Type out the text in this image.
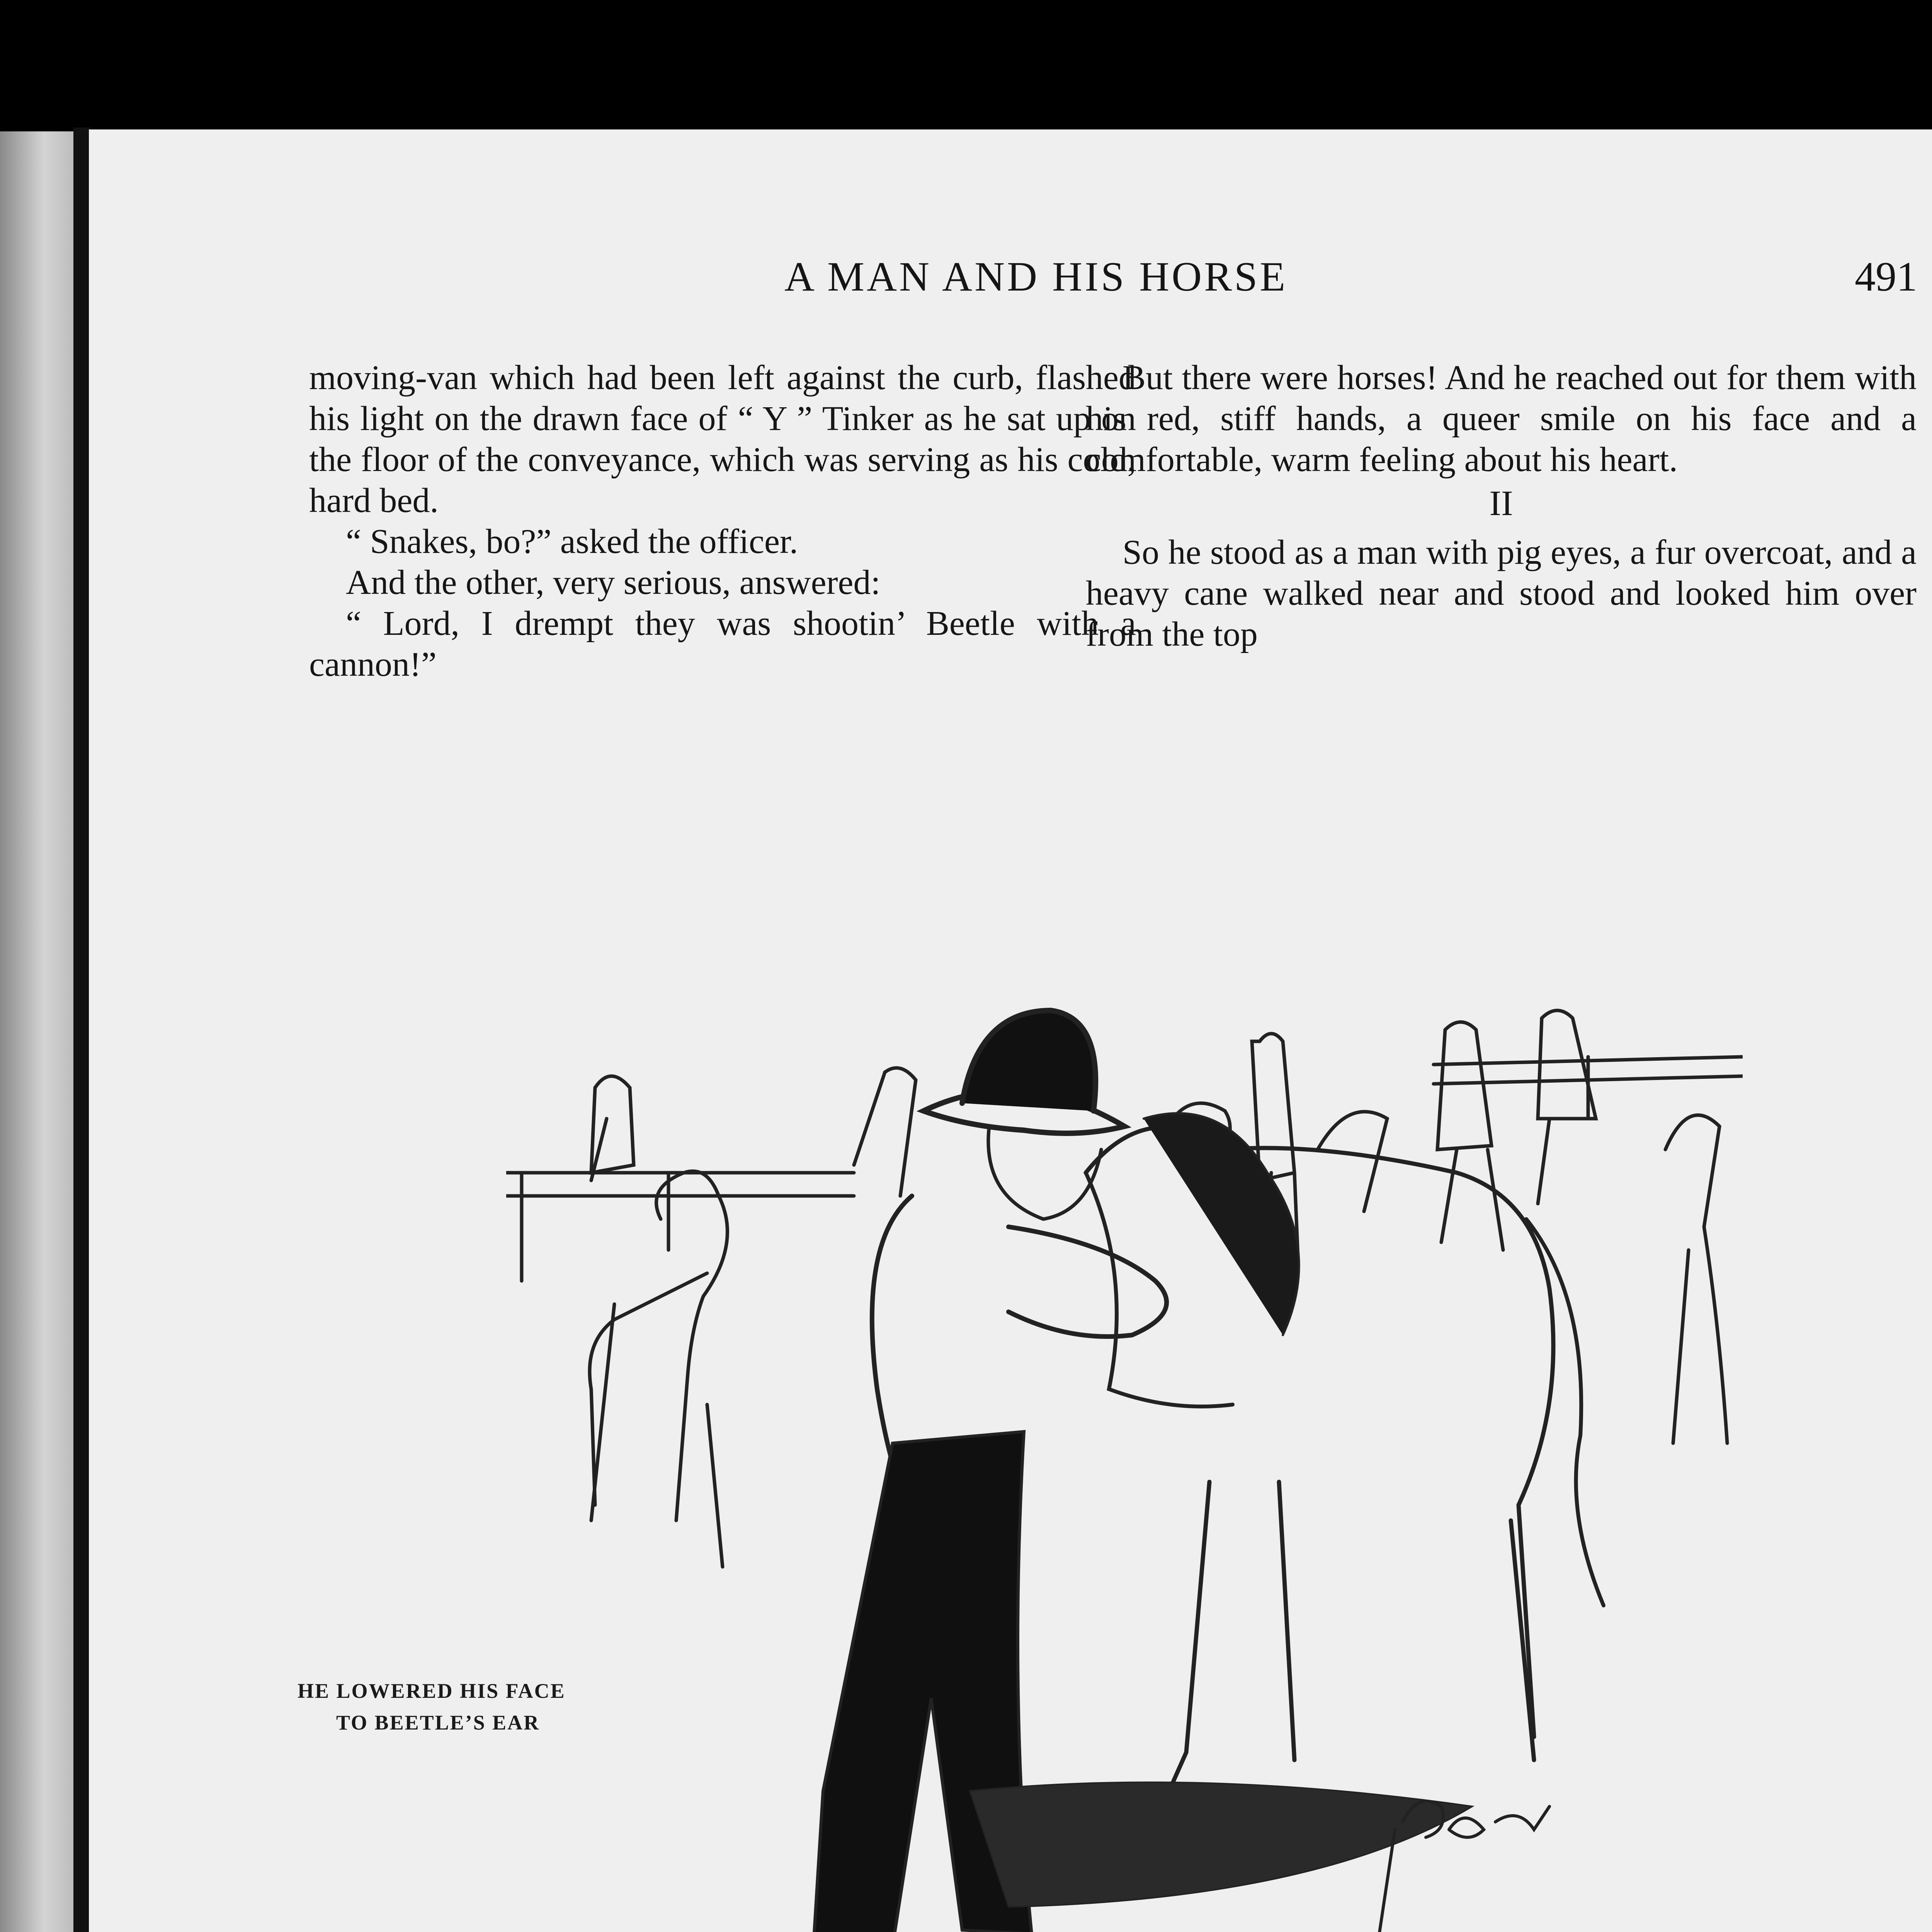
A MAN AND HIS HORSE	491

moving-van which had been left against the curb, flashed his light on the drawn face of “ Y ” Tinker as he sat up on the floor of the conveyance, which was serving as his cold, hard bed.

“ Snakes, bo?” asked the officer.

And the other, very serious, answered:

“ Lord, I drempt they was shootin’ Beetle with a cannon!”

But there were horses! And he reached out for them with his red, stiff hands, a queer smile on his face and a comfortable, warm feeling about his heart.

II

So he stood as a man with pig eyes, a fur overcoat, and a heavy cane walked near and stood and looked him over from the top

HE LOWERED HIS FACE
TO BEETLE’S EAR
